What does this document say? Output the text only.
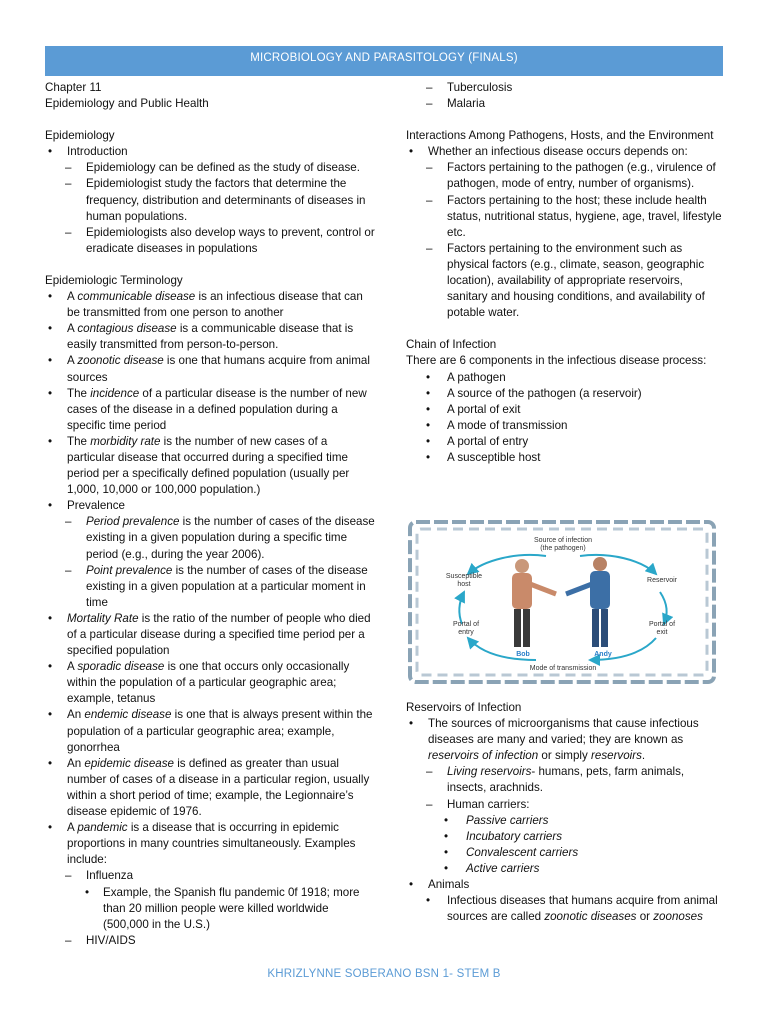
MICROBIOLOGY AND PARASITOLOGY (FINALS)
Chapter 11
Epidemiology and Public Health
Epidemiology
• Introduction
– Epidemiology can be defined as the study of disease.
– Epidemiologist study the factors that determine the frequency, distribution and determinants of diseases in human populations.
– Epidemiologists also develop ways to prevent, control or eradicate diseases in populations
Epidemiologic Terminology
• A communicable disease is an infectious disease that can be transmitted from one person to another
• A contagious disease is a communicable disease that is easily transmitted from person-to-person.
• A zoonotic disease is one that humans acquire from animal sources
• The incidence of a particular disease is the number of new cases of the disease in a defined population during a specific time period
• The morbidity rate is the number of new cases of a particular disease that occurred during a specified time period per a specifically defined population (usually per 1,000, 10,000 or 100,000 population.)
• Prevalence
– Period prevalence is the number of cases of the disease existing in a given population during a specific time period (e.g., during the year 2006).
– Point prevalence is the number of cases of the disease existing in a given population at a particular moment in time
• Mortality Rate is the ratio of the number of people who died of a particular disease during a specified time period per a specified population
• A sporadic disease is one that occurs only occasionally within the population of a particular geographic area; example, tetanus
• An endemic disease is one that is always present within the population of a particular geographic area; example, gonorrhea
• An epidemic disease is defined as greater than usual number of cases of a disease in a particular region, usually within a short period of time; example, the Legionnaire’s disease epidemic of 1976.
• A pandemic is a disease that is occurring in epidemic proportions in many countries simultaneously. Examples include:
– Influenza
• Example, the Spanish flu pandemic 0f 1918; more than 20 million people were killed worldwide (500,000 in the U.S.)
– HIV/AIDS
– Tuberculosis
– Malaria
Interactions Among Pathogens, Hosts, and the Environment
• Whether an infectious disease occurs depends on:
– Factors pertaining to the pathogen (e.g., virulence of pathogen, mode of entry, number of organisms).
– Factors pertaining to the host; these include health status, nutritional status, hygiene, age, travel, lifestyle etc.
– Factors pertaining to the environment such as physical factors (e.g., climate, season, geographic location), availability of appropriate reservoirs, sanitary and housing conditions, and availability of potable water.
Chain of Infection
There are 6 components in the infectious disease process:
• A pathogen
• A source of the pathogen (a reservoir)
• A portal of exit
• A mode of transmission
• A portal of entry
• A susceptible host
Source of infection
(the pathogen)
Susceptible
host
Reservoir
Portal of
entry
Portal of
exit
Bob	Andy
Mode of transmission
Reservoirs of Infection
• The sources of microorganisms that cause infectious diseases are many and varied; they are known as reservoirs of infection or simply reservoirs.
– Living reservoirs- humans, pets, farm animals, insects, arachnids.
– Human carriers:
• Passive carriers
• Incubatory carriers
• Convalescent carriers
• Active carriers
• Animals
• Infectious diseases that humans acquire from animal sources are called zoonotic diseases or zoonoses
KHRIZLYNNE SOBERANO BSN 1- STEM B
